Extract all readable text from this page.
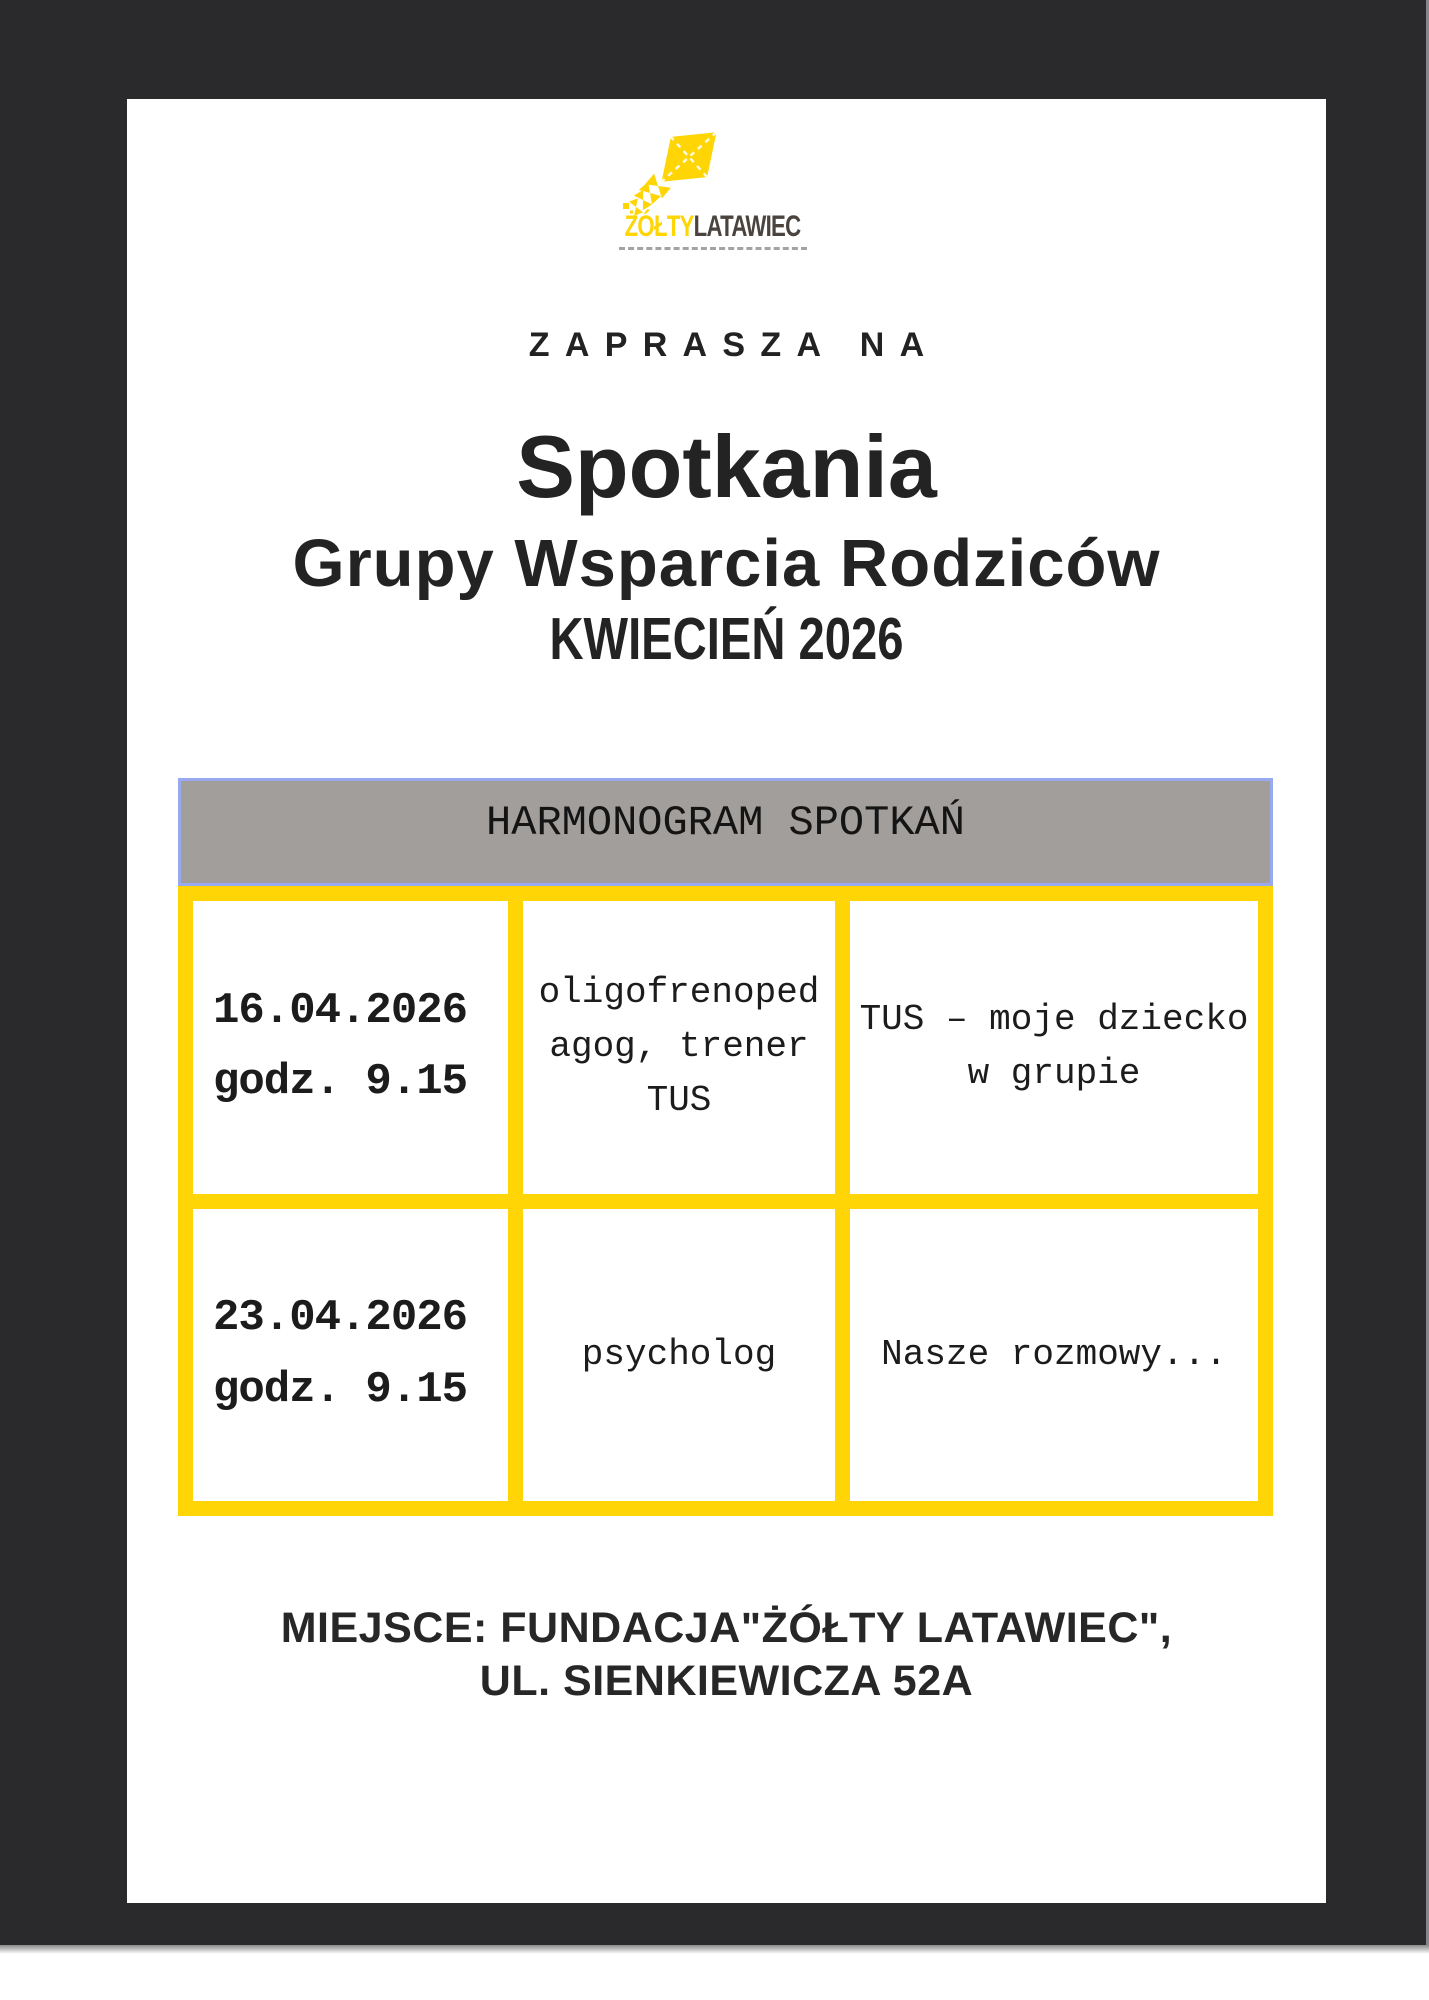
ŻÓŁTYLATAWIEC
ZAPRASZA NA
Spotkania
Grupy Wsparcia Rodziców
KWIECIEŃ 2026
HARMONOGRAM SPOTKAŃ
16.04.2026
godz. 9.15
oligofrenoped
agog, trener
TUS
TUS – moje dziecko
w grupie
23.04.2026
godz. 9.15
psycholog	Nasze rozmowy...
MIEJSCE: FUNDACJA"ŻÓŁTY LATAWIEC",
UL. SIENKIEWICZA 52A
